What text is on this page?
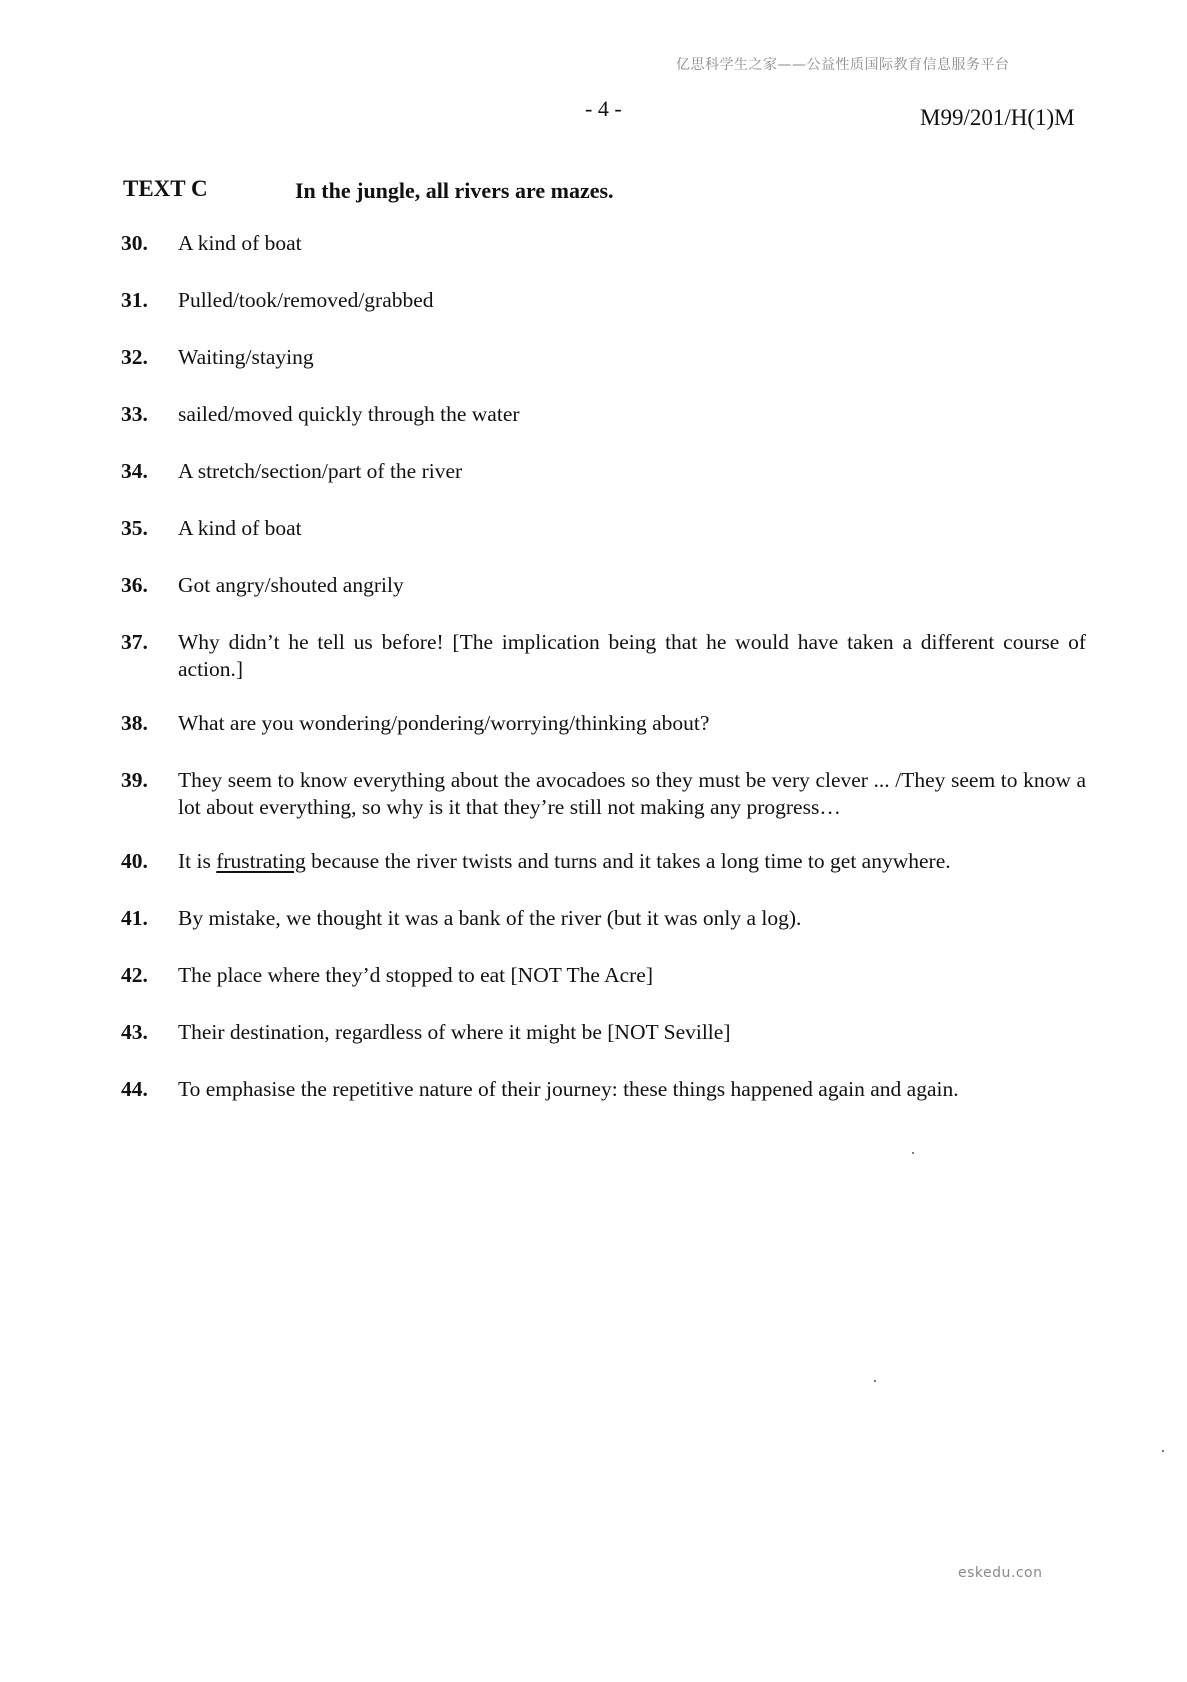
亿思科学生之家——公益性质国际教育信息服务平台
- 4 -	M99/201/H(1)M
TEXT C	In the jungle, all rivers are mazes.
30.	A kind of boat
31.	Pulled/took/removed/grabbed
32.	Waiting/staying
33.	sailed/moved quickly through the water
34.	A stretch/section/part of the river
35.	A kind of boat
36.	Got angry/shouted angrily
37.	Why didn’t he tell us before! [The implication being that he would have taken a different course of action.]
38.	What are you wondering/pondering/worrying/thinking about?
39.	They seem to know everything about the avocadoes so they must be very clever ... /They seem to know a lot about everything, so why is it that they’re still not making any progress…
40.	It is frustrating because the river twists and turns and it takes a long time to get anywhere.
41.	By mistake, we thought it was a bank of the river (but it was only a log).
42.	The place where they’d stopped to eat [NOT The Acre]
43.	Their destination, regardless of where it might be [NOT Seville]
44.	To emphasise the repetitive nature of their journey: these things happened again and again.
eskedu.con
